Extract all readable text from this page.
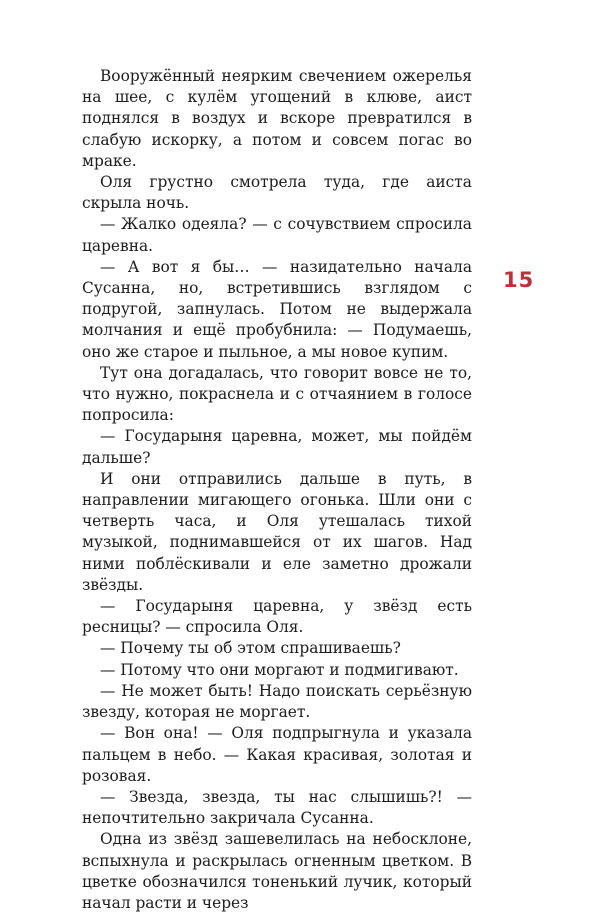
Вооружённый неярким свечением ожерелья на шее, с кулём угощений в клюве, аист поднялся в воздух и вскоре превратился в слабую искорку, а потом и совсем погас во мраке.

Оля грустно смотрела туда, где аиста скрыла ночь.

— Жалко одеяла? — с сочувствием спросила царевна.

— А вот я бы… — назидательно начала Сусанна, но, встретившись взглядом с подругой, запнулась. Потом не выдержала молчания и ещё пробубнила: — Подумаешь, оно же старое и пыльное, а мы новое купим.

Тут она догадалась, что говорит вовсе не то, что нужно, покраснела и с отчаянием в голосе попросила:

— Государыня царевна, может, мы пойдём дальше?

И они отправились дальше в путь, в направлении мигающего огонька. Шли они с четверть часа, и Оля утешалась тихой музыкой, поднимавшейся от их шагов. Над ними поблёскивали и еле заметно дрожали звёзды.

— Государыня царевна, у звёзд есть ресницы? — спросила Оля.

— Почему ты об этом спрашиваешь?

— Потому что они моргают и подмигивают.

— Не может быть! Надо поискать серьёзную звезду, которая не моргает.

— Вон она! — Оля подпрыгнула и указала пальцем в небо. — Какая красивая, золотая и розовая.

— Звезда, звезда, ты нас слышишь?! — непочтительно закричала Сусанна.

Одна из звёзд зашевелилась на небосклоне, вспыхнула и раскрылась огненным цветком. В цветке обозначился тоненький лучик, который начал расти и через

15
